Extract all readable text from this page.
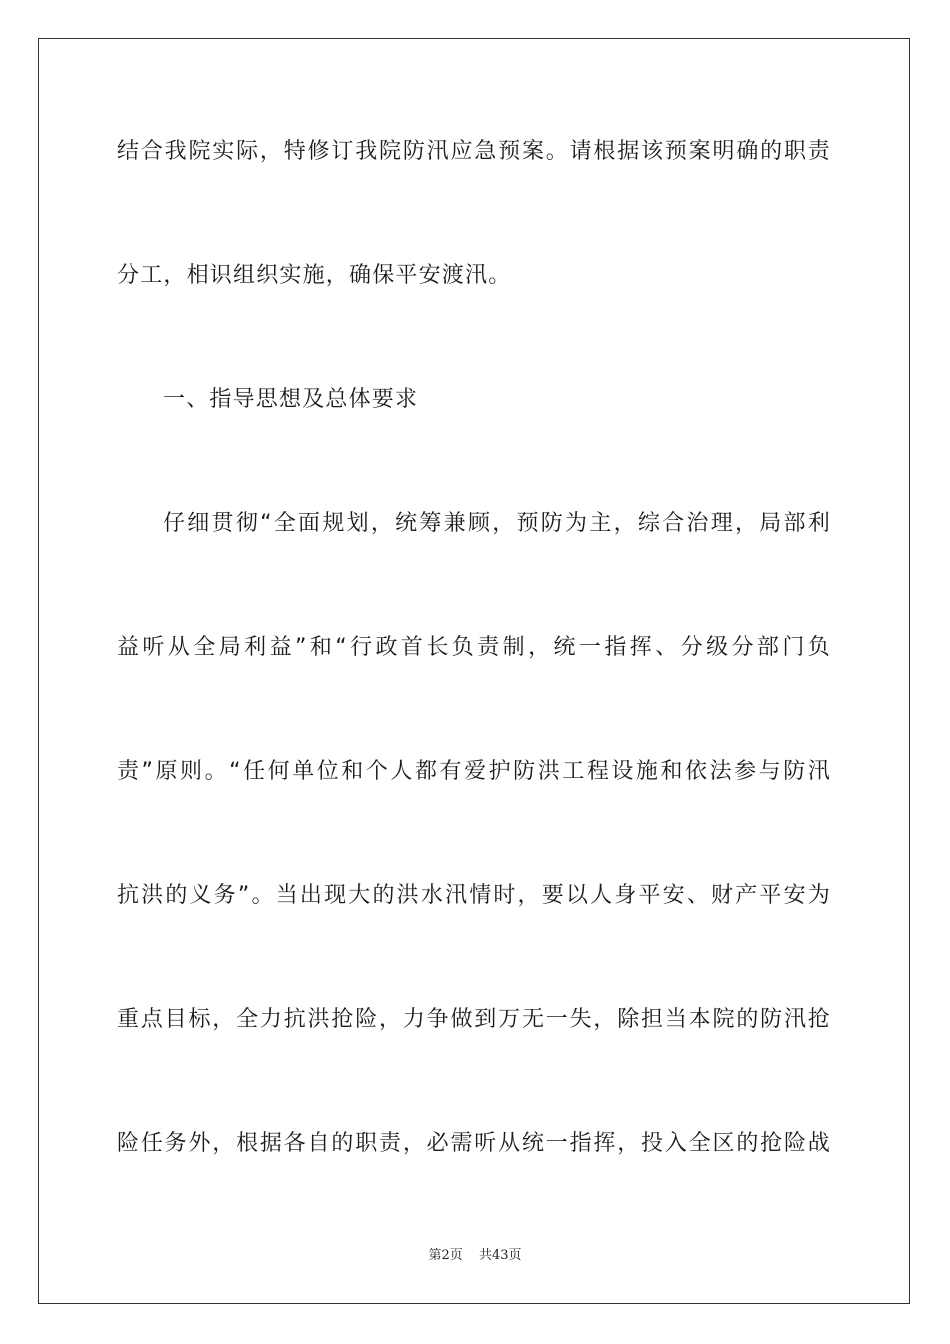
结合我院实际，特修订我院防汛应急预案。请根据该预案明确的职责
分工，相识组织实施，确保平安渡汛。
一、指导思想及总体要求
仔细贯彻“全面规划，统筹兼顾，预防为主，综合治理，局部利
益听从全局利益”和“行政首长负责制，统一指挥、分级分部门负
责”原则。“任何单位和个人都有爱护防洪工程设施和依法参与防汛
抗洪的义务”。当出现大的洪水汛情时，要以人身平安、财产平安为
重点目标，全力抗洪抢险，力争做到万无一失，除担当本院的防汛抢
险任务外，根据各自的职责，必需听从统一指挥，投入全区的抢险战
第2页 共43页
